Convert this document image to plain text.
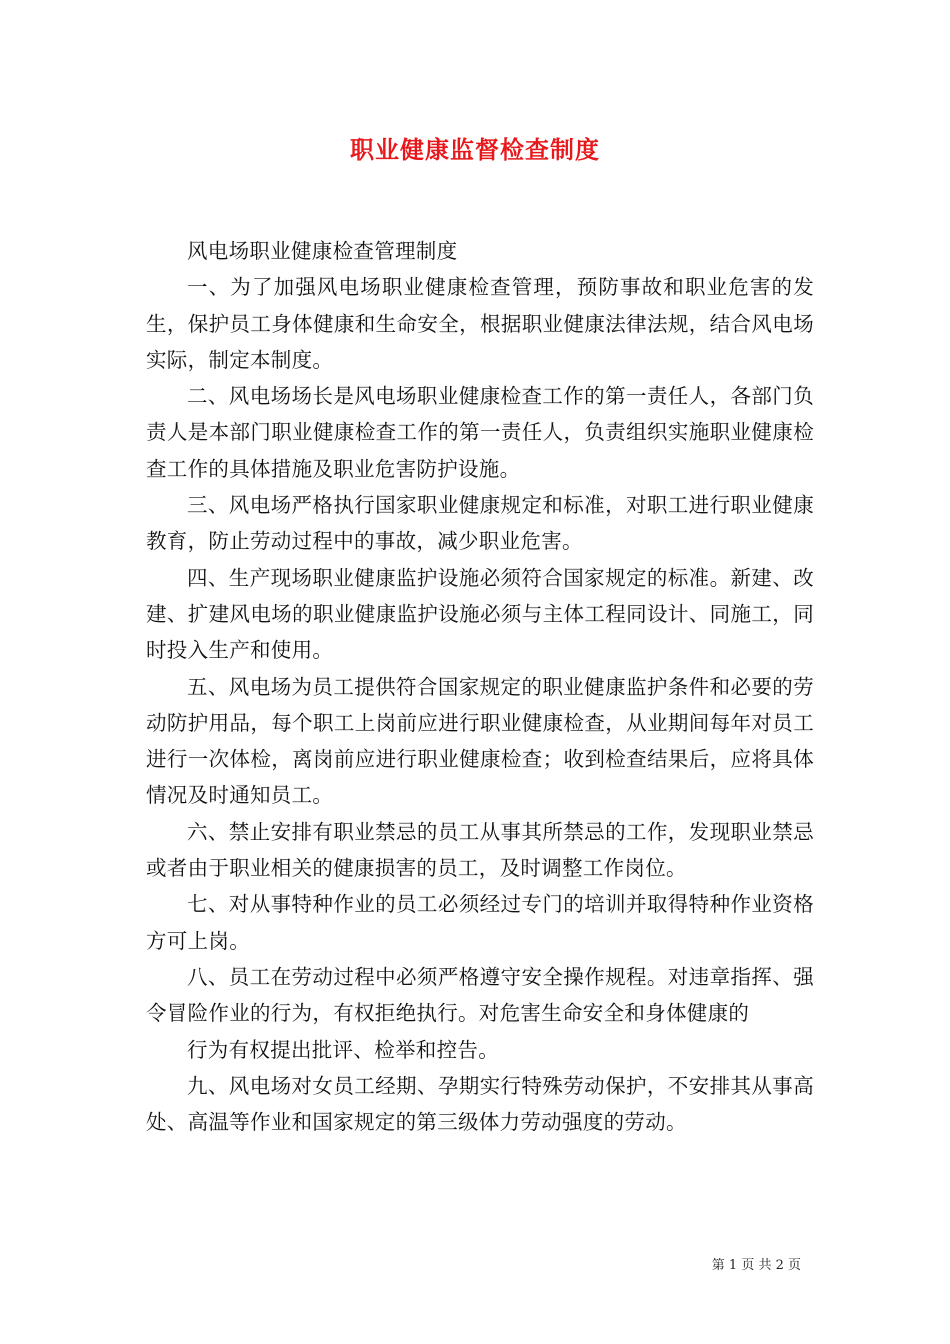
职业健康监督检查制度

风电场职业健康检查管理制度

一、为了加强风电场职业健康检查管理，预防事故和职业危害的发生，保护员工身体健康和生命安全，根据职业健康法律法规，结合风电场实际，制定本制度。

二、风电场场长是风电场职业健康检查工作的第一责任人，各部门负责人是本部门职业健康检查工作的第一责任人，负责组织实施职业健康检查工作的具体措施及职业危害防护设施。

三、风电场严格执行国家职业健康规定和标准，对职工进行职业健康教育，防止劳动过程中的事故，减少职业危害。

四、生产现场职业健康监护设施必须符合国家规定的标准。新建、改建、扩建风电场的职业健康监护设施必须与主体工程同设计、同施工，同时投入生产和使用。

五、风电场为员工提供符合国家规定的职业健康监护条件和必要的劳动防护用品，每个职工上岗前应进行职业健康检查，从业期间每年对员工进行一次体检，离岗前应进行职业健康检查；收到检查结果后，应将具体情况及时通知员工。

六、禁止安排有职业禁忌的员工从事其所禁忌的工作，发现职业禁忌或者由于职业相关的健康损害的员工，及时调整工作岗位。

七、对从事特种作业的员工必须经过专门的培训并取得特种作业资格方可上岗。

八、员工在劳动过程中必须严格遵守安全操作规程。对违章指挥、强令冒险作业的行为，有权拒绝执行。对危害生命安全和身体健康的

行为有权提出批评、检举和控告。

九、风电场对女员工经期、孕期实行特殊劳动保护，不安排其从事高处、高温等作业和国家规定的第三级体力劳动强度的劳动。

第 1 页 共 2 页
